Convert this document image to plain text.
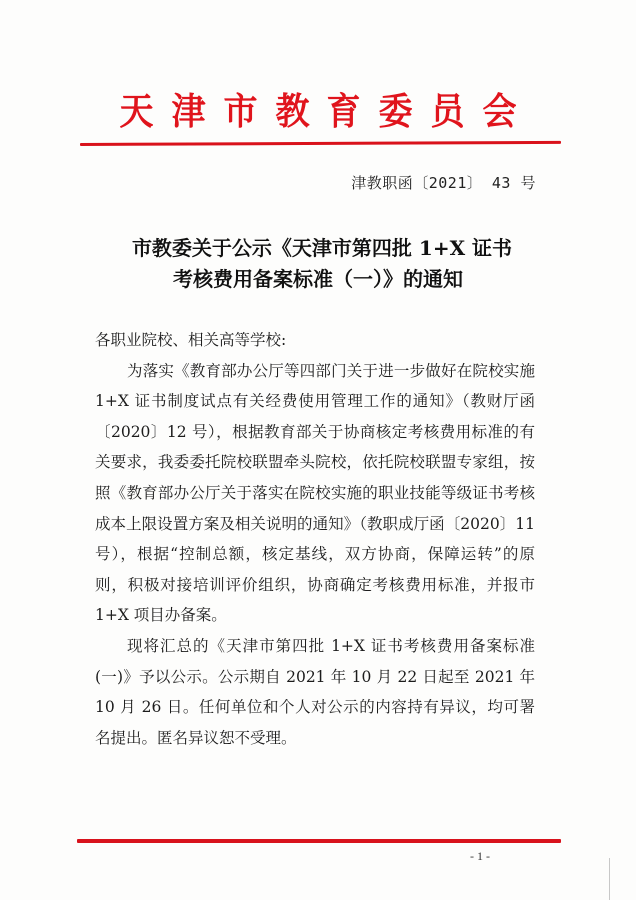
天 津 市 教 育 委 员 会
津教职函〔2021〕 43 号
市教委关于公示《天津市第四批 1+X 证书
考核费用备案标准（一）》的通知

各职业院校、相关高等学校:

为落实《教育部办公厅等四部门关于进一步做好在院校实施1+X 证书制度试点有关经费使用管理工作的通知》（教财厅函〔2020〕12 号），根据教育部关于协商核定考核费用标准的有关要求，我委委托院校联盟牵头院校，依托院校联盟专家组，按照《教育部办公厅关于落实在院校实施的职业技能等级证书考核成本上限设置方案及相关说明的通知》（教职成厅函〔2020〕11 号），根据“控制总额，核定基线，双方协商，保障运转”的原则，积极对接培训评价组织，协商确定考核费用标准，并报市 1+X 项目办备案。

现将汇总的《天津市第四批 1+X 证书考核费用备案标准(一)》予以公示。公示期自 2021 年 10 月 22 日起至 2021 年 10 月 26 日。任何单位和个人对公示的内容持有异议，均可署名提出。匿名异议恕不受理。

- 1 -
